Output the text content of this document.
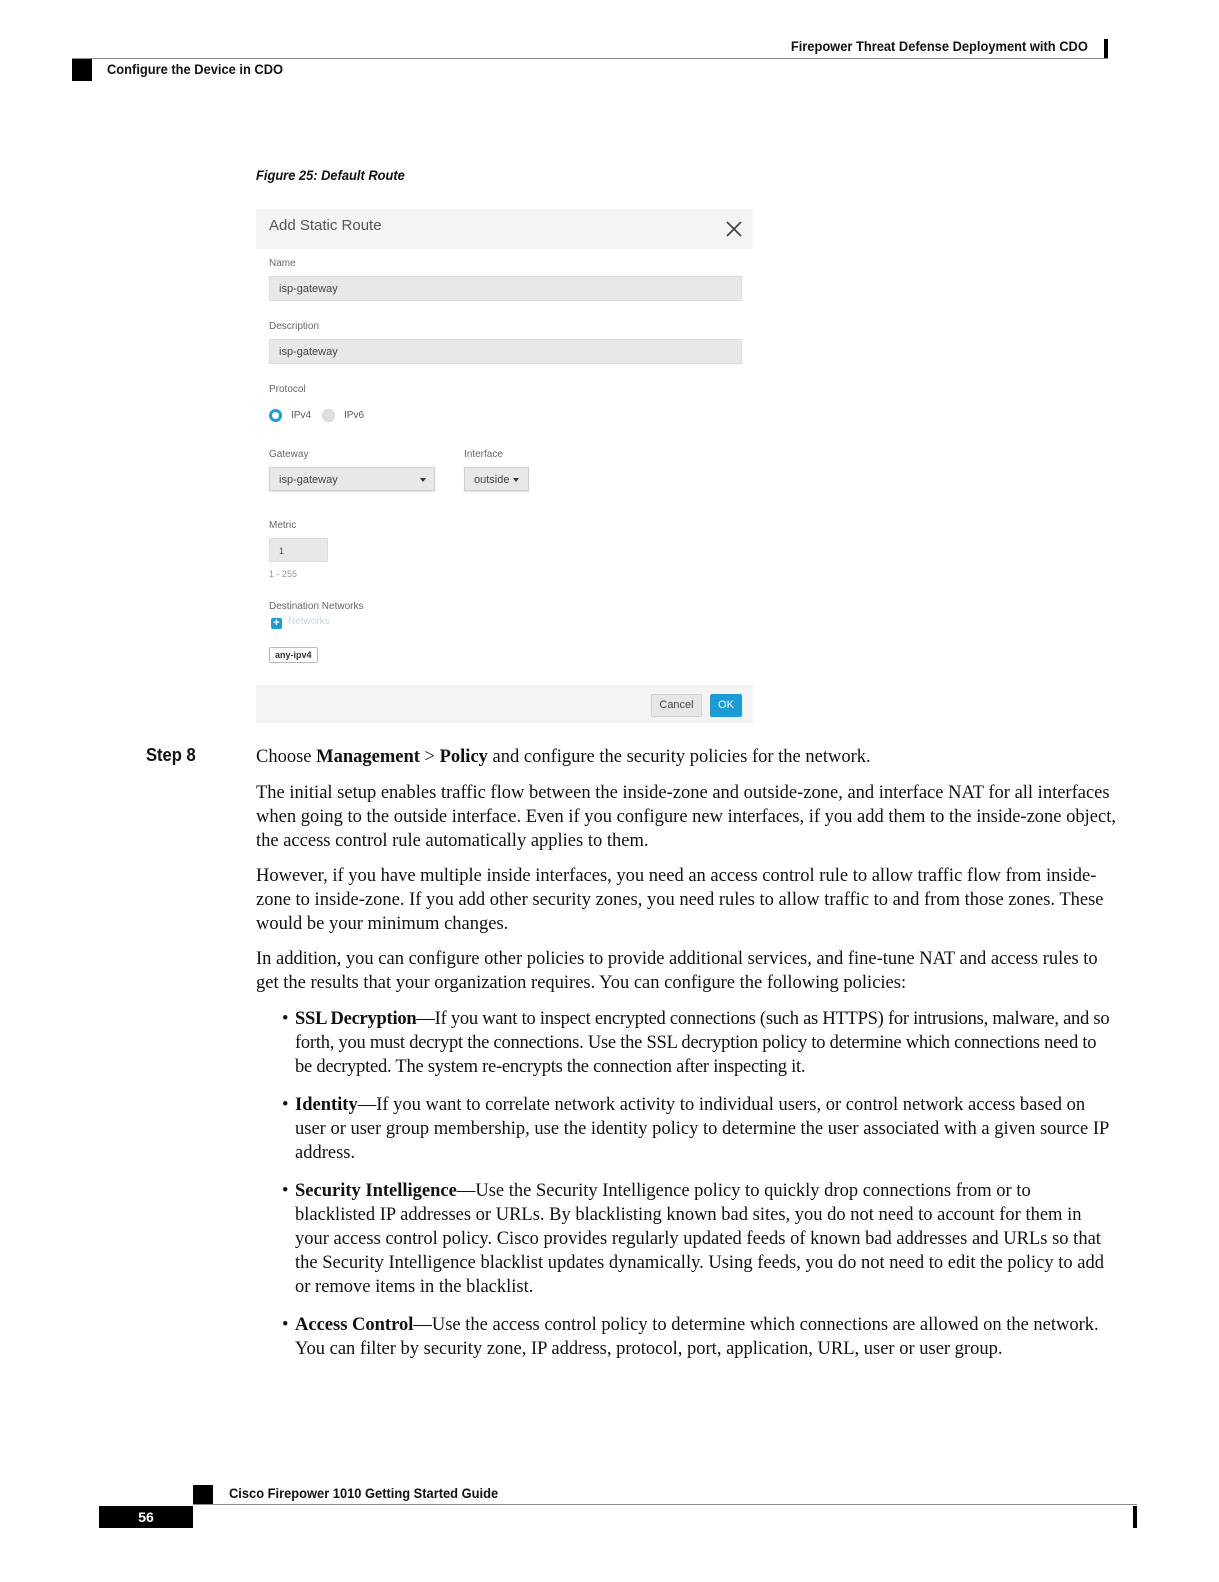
Firepower Threat Defense Deployment with CDO
Configure the Device in CDO
Figure 25: Default Route
Add Static Route
Name
isp-gateway
Description
isp-gateway
Protocol
IPv4	IPv6
Gateway
isp-gateway
Interface
outside
Metric
1
1 - 255
Destination Networks
+ Networks
any-ipv4
Cancel	OK
Step 8	Choose Management > Policy and configure the security policies for the network.
The initial setup enables traffic flow between the inside-zone and outside-zone, and interface NAT for all interfaces when going to the outside interface. Even if you configure new interfaces, if you add them to the inside-zone object, the access control rule automatically applies to them.
However, if you have multiple inside interfaces, you need an access control rule to allow traffic flow from inside-zone to inside-zone. If you add other security zones, you need rules to allow traffic to and from those zones. These would be your minimum changes.
In addition, you can configure other policies to provide additional services, and fine-tune NAT and access rules to get the results that your organization requires. You can configure the following policies:
• SSL Decryption—If you want to inspect encrypted connections (such as HTTPS) for intrusions, malware, and so forth, you must decrypt the connections. Use the SSL decryption policy to determine which connections need to be decrypted. The system re-encrypts the connection after inspecting it.
• Identity—If you want to correlate network activity to individual users, or control network access based on user or user group membership, use the identity policy to determine the user associated with a given source IP address.
• Security Intelligence—Use the Security Intelligence policy to quickly drop connections from or to blacklisted IP addresses or URLs. By blacklisting known bad sites, you do not need to account for them in your access control policy. Cisco provides regularly updated feeds of known bad addresses and URLs so that the Security Intelligence blacklist updates dynamically. Using feeds, you do not need to edit the policy to add or remove items in the blacklist.
• Access Control—Use the access control policy to determine which connections are allowed on the network. You can filter by security zone, IP address, protocol, port, application, URL, user or user group.
Cisco Firepower 1010 Getting Started Guide
56
